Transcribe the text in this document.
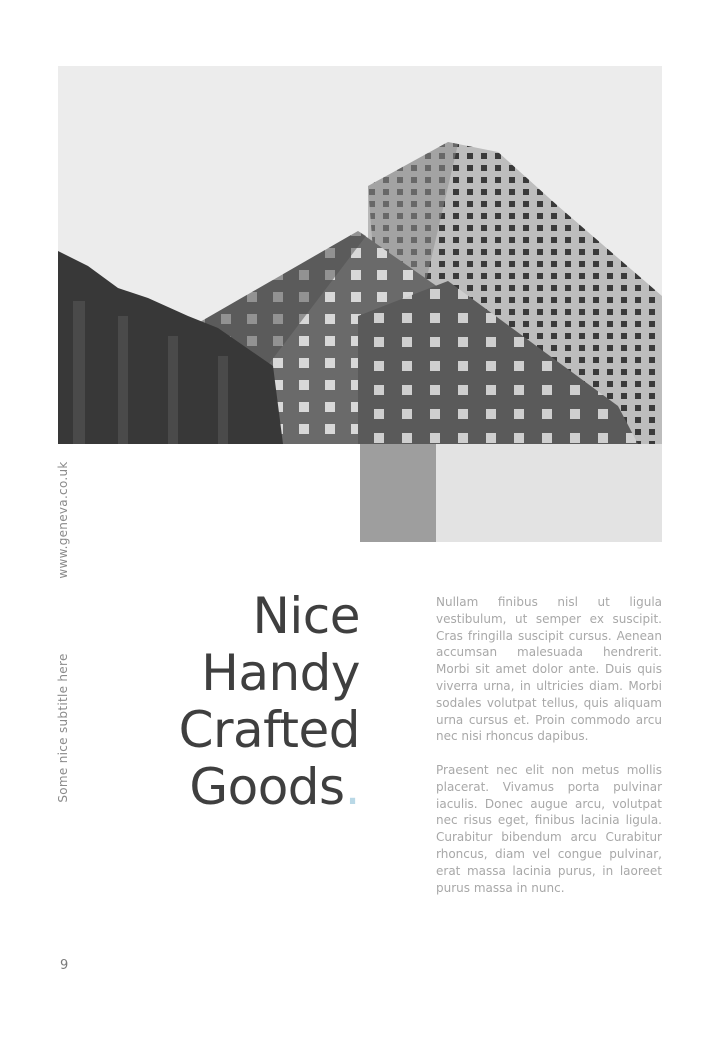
www.geneva.co.uk
Some nice subtitle here
Nice
Handy
Crafted
Goods.
Nullam finibus nisl ut ligula vestibulum, ut semper ex suscipit. Cras fringilla suscipit cursus. Aenean accumsan malesuada hendrerit. Morbi sit amet dolor ante. Duis quis viverra urna, in ultricies diam. Morbi sodales volutpat tellus, quis aliquam urna cursus et. Proin commodo arcu nec nisi rhoncus dapibus.
Praesent nec elit non metus mollis placerat. Vivamus porta pulvinar iaculis. Donec augue arcu, volutpat nec risus eget, finibus lacinia ligula. Curabitur bibendum arcu Curabitur rhoncus, diam vel congue pulvinar, erat massa lacinia purus, in laoreet purus massa in nunc.
9
